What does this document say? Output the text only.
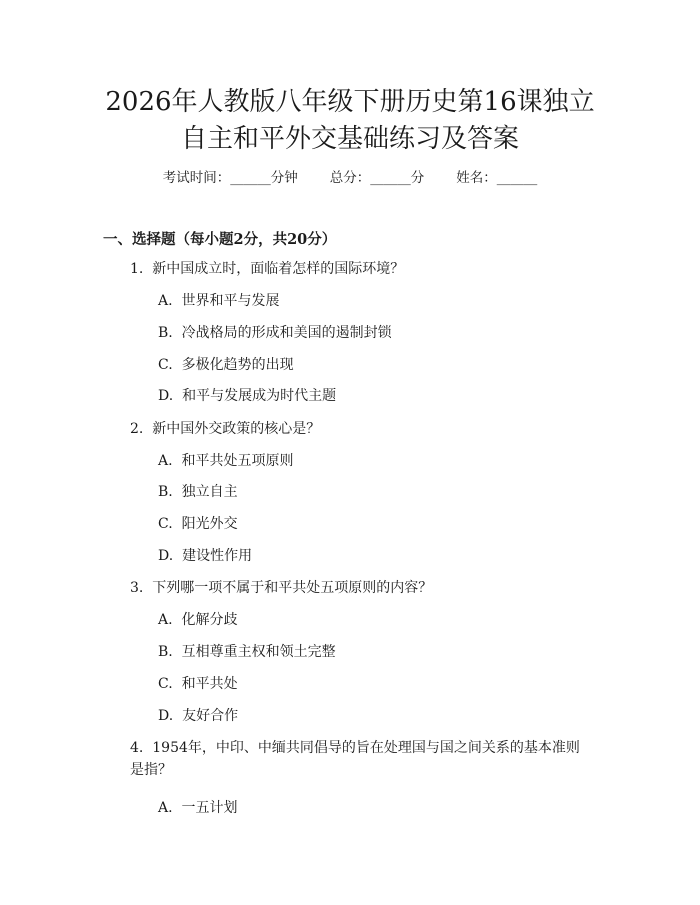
2026年人教版八年级下册历史第16课独立
自主和平外交基础练习及答案
考试时间：______分钟 总分：______分 姓名：______
一、选择题（每小题2分，共20分）
1. 新中国成立时，面临着怎样的国际环境？
A. 世界和平与发展
B. 冷战格局的形成和美国的遏制封锁
C. 多极化趋势的出现
D. 和平与发展成为时代主题
2. 新中国外交政策的核心是？
A. 和平共处五项原则
B. 独立自主
C. 阳光外交
D. 建设性作用
3. 下列哪一项不属于和平共处五项原则的内容？
A. 化解分歧
B. 互相尊重主权和领土完整
C. 和平共处
D. 友好合作
4. 1954年，中印、中缅共同倡导的旨在处理国与国之间关系的基本准则是指？
A. 一五计划
